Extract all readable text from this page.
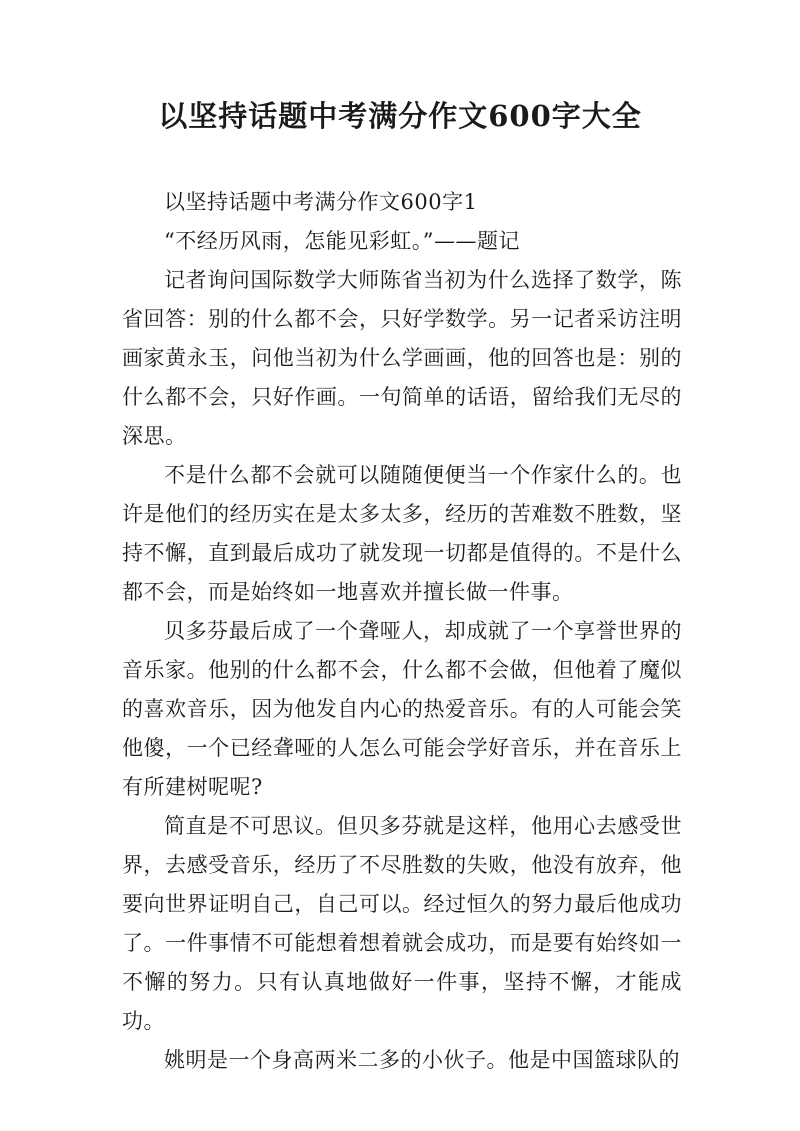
以坚持话题中考满分作文600字大全

以坚持话题中考满分作文600字1

“不经历风雨，怎能见彩虹。”——题记

记者询问国际数学大师陈省当初为什么选择了数学，陈省回答：别的什么都不会，只好学数学。另一记者采访注明画家黄永玉，问他当初为什么学画画，他的回答也是：别的什么都不会，只好作画。一句简单的话语，留给我们无尽的深思。

不是什么都不会就可以随随便便当一个作家什么的。也许是他们的经历实在是太多太多，经历的苦难数不胜数，坚持不懈，直到最后成功了就发现一切都是值得的。不是什么都不会，而是始终如一地喜欢并擅长做一件事。

贝多芬最后成了一个聋哑人，却成就了一个享誉世界的音乐家。他别的什么都不会，什么都不会做，但他着了魔似的喜欢音乐，因为他发自内心的热爱音乐。有的人可能会笑他傻，一个已经聋哑的人怎么可能会学好音乐，并在音乐上有所建树呢呢?

简直是不可思议。但贝多芬就是这样，他用心去感受世界，去感受音乐，经历了不尽胜数的失败，他没有放弃，他要向世界证明自己，自己可以。经过恒久的努力最后他成功了。一件事情不可能想着想着就会成功，而是要有始终如一不懈的努力。只有认真地做好一件事，坚持不懈，才能成功。

姚明是一个身高两米二多的小伙子。他是中国篮球队的
